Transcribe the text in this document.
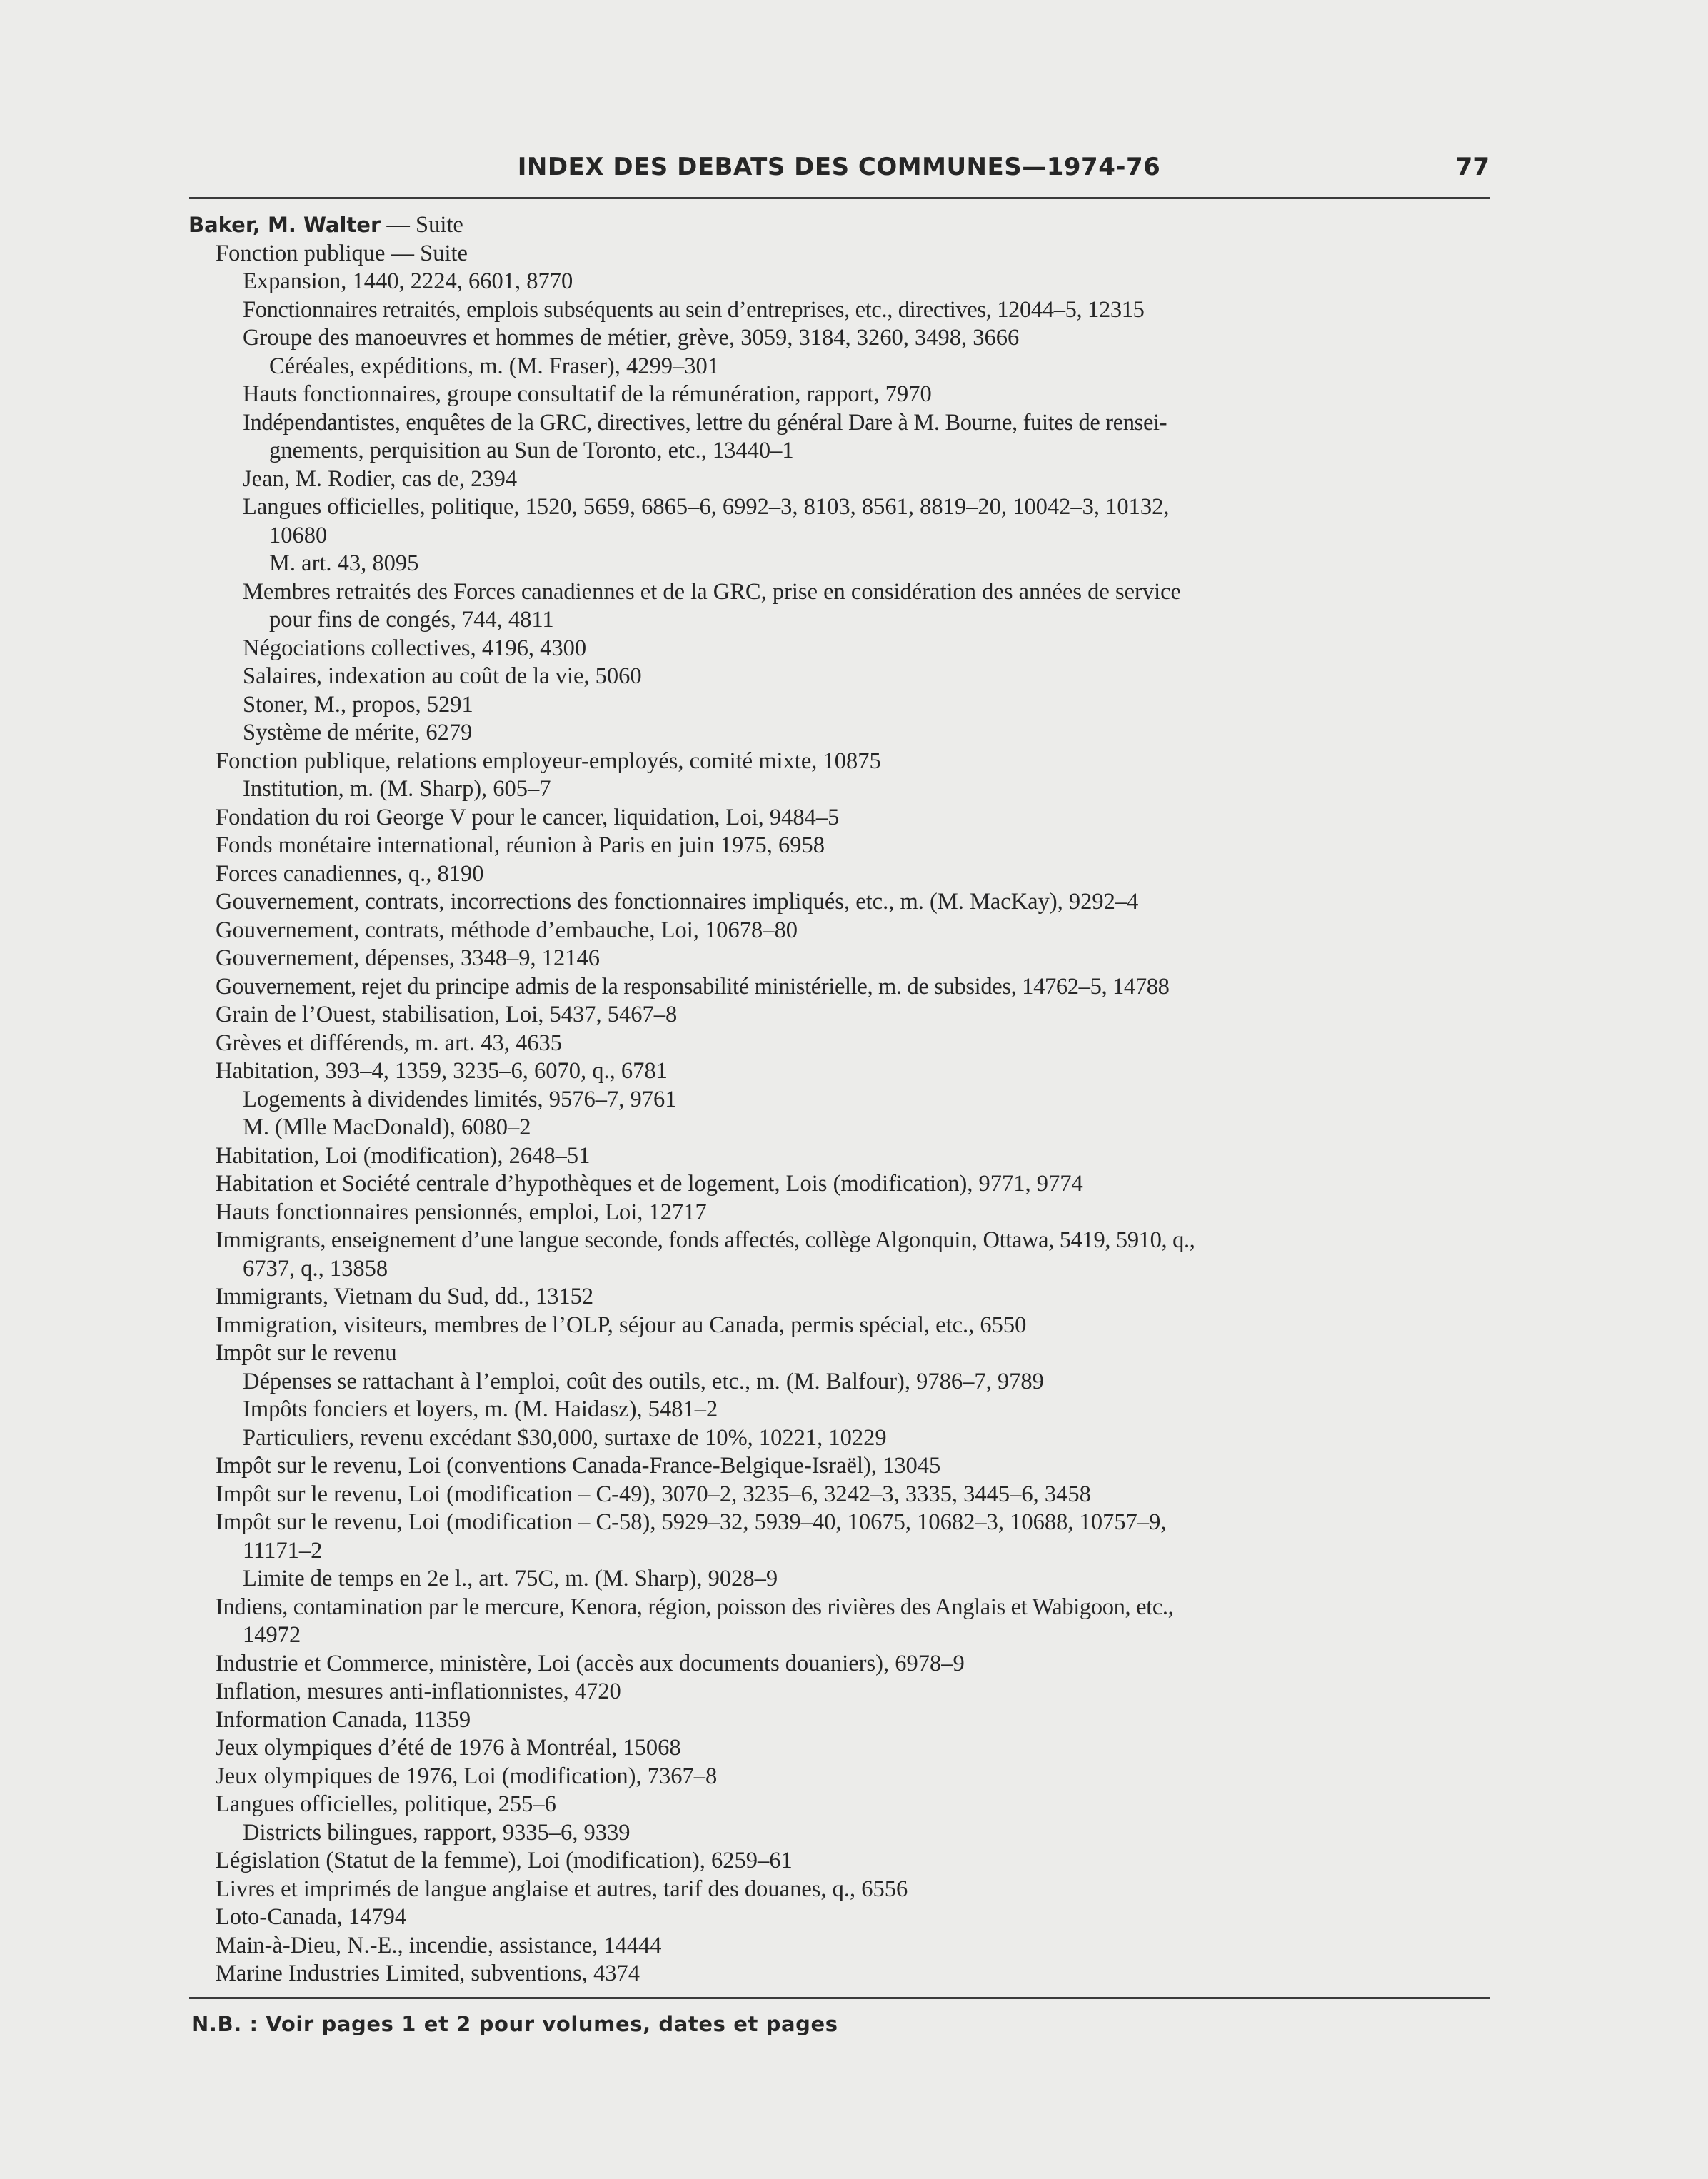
INDEX DES DEBATS DES COMMUNES—1974-76	77
Baker, M. Walter — Suite
Fonction publique — Suite
Expansion, 1440, 2224, 6601, 8770
Fonctionnaires retraités, emplois subséquents au sein d’entreprises, etc., directives, 12044–5, 12315
Groupe des manoeuvres et hommes de métier, grève, 3059, 3184, 3260, 3498, 3666
Céréales, expéditions, m. (M. Fraser), 4299–301
Hauts fonctionnaires, groupe consultatif de la rémunération, rapport, 7970
Indépendantistes, enquêtes de la GRC, directives, lettre du général Dare à M. Bourne, fuites de rensei-
gnements, perquisition au Sun de Toronto, etc., 13440–1
Jean, M. Rodier, cas de, 2394
Langues officielles, politique, 1520, 5659, 6865–6, 6992–3, 8103, 8561, 8819–20, 10042–3, 10132,
10680
M. art. 43, 8095
Membres retraités des Forces canadiennes et de la GRC, prise en considération des années de service
pour fins de congés, 744, 4811
Négociations collectives, 4196, 4300
Salaires, indexation au coût de la vie, 5060
Stoner, M., propos, 5291
Système de mérite, 6279
Fonction publique, relations employeur-employés, comité mixte, 10875
Institution, m. (M. Sharp), 605–7
Fondation du roi George V pour le cancer, liquidation, Loi, 9484–5
Fonds monétaire international, réunion à Paris en juin 1975, 6958
Forces canadiennes, q., 8190
Gouvernement, contrats, incorrections des fonctionnaires impliqués, etc., m. (M. MacKay), 9292–4
Gouvernement, contrats, méthode d’embauche, Loi, 10678–80
Gouvernement, dépenses, 3348–9, 12146
Gouvernement, rejet du principe admis de la responsabilité ministérielle, m. de subsides, 14762–5, 14788
Grain de l’Ouest, stabilisation, Loi, 5437, 5467–8
Grèves et différends, m. art. 43, 4635
Habitation, 393–4, 1359, 3235–6, 6070, q., 6781
Logements à dividendes limités, 9576–7, 9761
M. (Mlle MacDonald), 6080–2
Habitation, Loi (modification), 2648–51
Habitation et Société centrale d’hypothèques et de logement, Lois (modification), 9771, 9774
Hauts fonctionnaires pensionnés, emploi, Loi, 12717
Immigrants, enseignement d’une langue seconde, fonds affectés, collège Algonquin, Ottawa, 5419, 5910, q.,
6737, q., 13858
Immigrants, Vietnam du Sud, dd., 13152
Immigration, visiteurs, membres de l’OLP, séjour au Canada, permis spécial, etc., 6550
Impôt sur le revenu
Dépenses se rattachant à l’emploi, coût des outils, etc., m. (M. Balfour), 9786–7, 9789
Impôts fonciers et loyers, m. (M. Haidasz), 5481–2
Particuliers, revenu excédant $30,000, surtaxe de 10%, 10221, 10229
Impôt sur le revenu, Loi (conventions Canada-France-Belgique-Israël), 13045
Impôt sur le revenu, Loi (modification – C-49), 3070–2, 3235–6, 3242–3, 3335, 3445–6, 3458
Impôt sur le revenu, Loi (modification – C-58), 5929–32, 5939–40, 10675, 10682–3, 10688, 10757–9,
11171–2
Limite de temps en 2e l., art. 75C, m. (M. Sharp), 9028–9
Indiens, contamination par le mercure, Kenora, région, poisson des rivières des Anglais et Wabigoon, etc.,
14972
Industrie et Commerce, ministère, Loi (accès aux documents douaniers), 6978–9
Inflation, mesures anti-inflationnistes, 4720
Information Canada, 11359
Jeux olympiques d’été de 1976 à Montréal, 15068
Jeux olympiques de 1976, Loi (modification), 7367–8
Langues officielles, politique, 255–6
Districts bilingues, rapport, 9335–6, 9339
Législation (Statut de la femme), Loi (modification), 6259–61
Livres et imprimés de langue anglaise et autres, tarif des douanes, q., 6556
Loto-Canada, 14794
Main-à-Dieu, N.-E., incendie, assistance, 14444
Marine Industries Limited, subventions, 4374
N.B. : Voir pages 1 et 2 pour volumes, dates et pages
